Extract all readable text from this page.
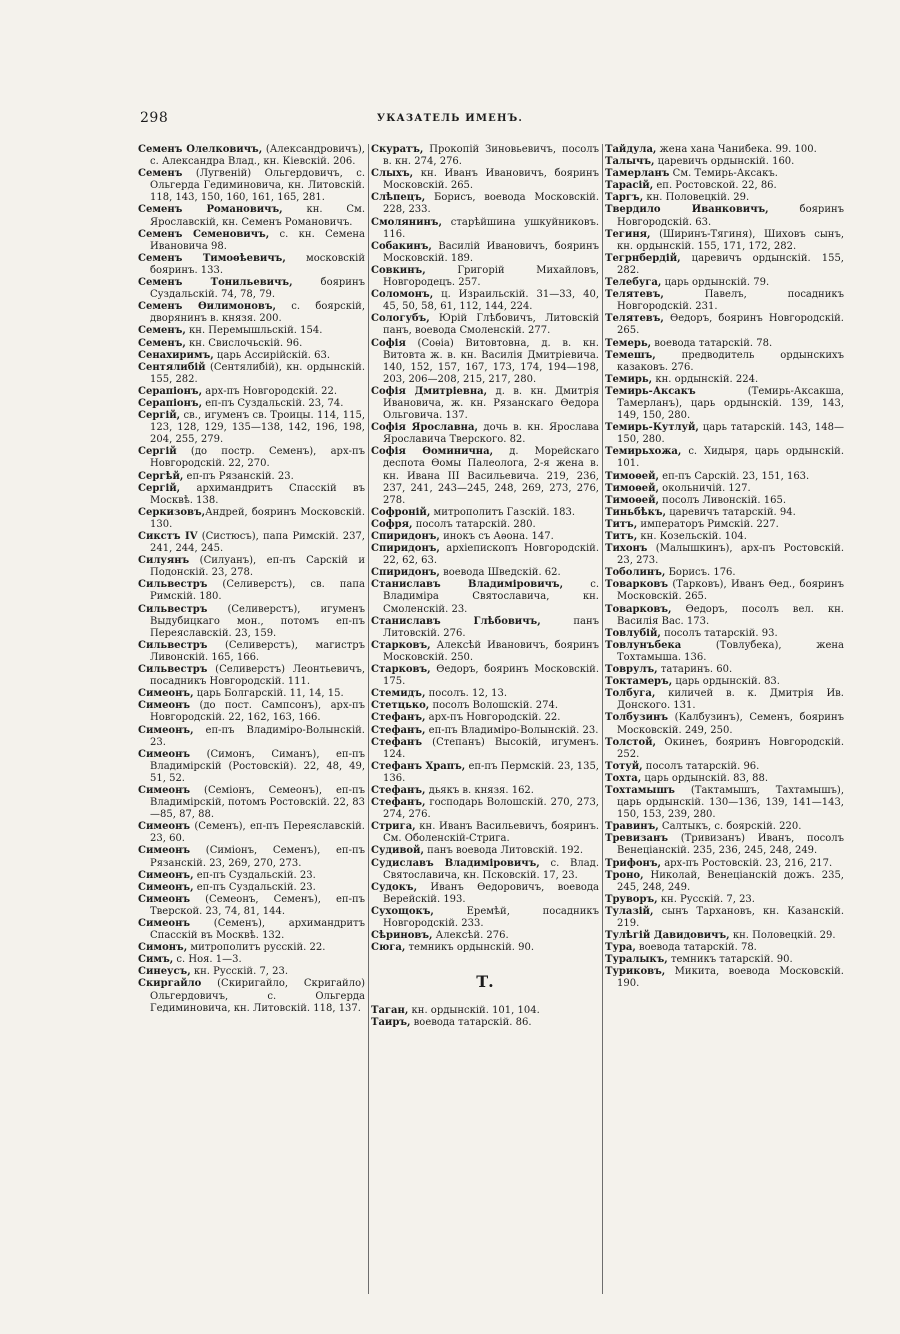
298	УКАЗАТЕЛЬ ИМЕНЪ.

Семенъ Олелковичъ, (Александровичъ), с. Александра Влад., кн. Кіевскій. 206.

Семенъ (Лугвеній) Ольгердовичъ, с. Ольгерда Гедиминовича, кн. Литовскій. 118, 143, 150, 160, 161, 165, 281.

Семенъ Романовичъ, кн. См. Ярославскій, кн. Семенъ Романовичъ.

Семенъ Семеновичъ, с. кн. Семена Ивановича 98.

Семенъ Тимоѳѣевичъ, московскій бояринъ. 133.

Семенъ Тонильевичъ, бояринъ Суздальскій. 74, 78, 79.

Семенъ Ѳилимоновъ, с. боярскій, дворянинъ в. князя. 200.

Семенъ, кн. Перемышльскій. 154.

Семенъ, кн. Свислочьскій. 96.

Сенахиримъ, царь Ассирійскій. 63.

Сентялибій (Сентялибій), кн. ордынскій. 155, 282.

Серапіонъ, арх-пъ Новгородскій. 22.

Серапіонъ, еп-пъ Суздальскій. 23, 74.

Сергій, св., игуменъ св. Троицы. 114, 115, 123, 128, 129, 135—138, 142, 196, 198, 204, 255, 279.

Сергій (до постр. Семенъ), арх-пъ Новгородскій. 22, 270.

Сергѣй, еп-пъ Рязанскій. 23.

Сергій, архимандритъ Спасскій въ Москвѣ. 138.

Серкизовъ,Андрей, бояринъ Московскій. 130.

Сикстъ IV (Систюсъ), папа Римскій. 237, 241, 244, 245.

Силуянъ (Силуанъ), еп-пъ Сарскій и Подонскій. 23, 278.

Сильвестръ (Селиверстъ), св. папа Римскій. 180.

Сильвестръ (Селиверстъ), игуменъ Выдубицкаго мон., потомъ еп-пъ Переяславскій. 23, 159.

Сильвестръ (Селиверстъ), магистръ Ливонскій. 165, 166.

Сильвестръ (Селиверстъ) Леонтьевичъ, посадникъ Новгородскій. 111.

Симеонъ, царь Болгарскій. 11, 14, 15.

Симеонъ (до пост. Сампсонъ), арх-пъ Новгородскій. 22, 162, 163, 166.

Симеонъ, еп-пъ Владиміро-Волынскій. 23.

Симеонъ (Симонъ, Симанъ), еп-пъ Владимірскій (Ростовскій). 22, 48, 49, 51, 52.

Симеонъ (Семіонъ, Семеонъ), еп-пъ Владимірскій, потомъ Ростовскій. 22, 83—85, 87, 88.

Симеонъ (Семенъ), еп-пъ Переяславскій. 23, 60.

Симеонъ (Симіонъ, Семенъ), еп-пъ Рязанскій. 23, 269, 270, 273.

Симеонъ, еп-пъ Суздальскій. 23.

Симеонъ, еп-пъ Суздальскій. 23.

Симеонъ (Семеонъ, Семенъ), еп-пъ Тверской. 23, 74, 81, 144.

Симеонъ (Семенъ), архимандритъ Спасскій въ Москвѣ. 132.

Симонъ, митрополитъ русскій. 22.

Симъ, с. Ноя. 1—3.

Синеусъ, кн. Русскій. 7, 23.

Скиргайло (Скиригайло, Скригайло) Ольгердовичъ, с. Ольгерда Гедиминовича, кн. Литовскій. 118, 137.

Скуратъ, Прокопій Зиновьевичъ, посолъ в. кн. 274, 276.

Слыхъ, кн. Иванъ Ивановичъ, бояринъ Московскій. 265.

Слѣпецъ, Борисъ, воевода Московскій. 228, 233.

Смолянинъ, старѣйшина ушкуйниковъ. 116.

Собакинъ, Василій Ивановичъ, бояринъ Московскій. 189.

Совкинъ, Григорій Михайловъ, Новгородецъ. 257.

Соломонъ, ц. Израильскій. 31—33, 40, 45, 50, 58, 61, 112, 144, 224.

Сологубъ, Юрій Глѣбовичъ, Литовскій панъ, воевода Смоленскій. 277.

Софія (Соѳіа) Витовтовна, д. в. кн. Витовта ж. в. кн. Василія Дмитріевича. 140, 152, 157, 167, 173, 174, 194—198, 203, 206—208, 215, 217, 280.

Софія Дмитріевна, д. в. кн. Дмитрія Ивановича, ж. кн. Рязанскаго Ѳедора Ольговича. 137.

Софія Ярославна, дочь в. кн. Ярослава Ярославича Тверского. 82.

Софія Ѳоминична, д. Морейскаго деспота Ѳомы Палеолога, 2-я жена в. кн. Ивана III Васильевича. 219, 236, 237, 241, 243—245, 248, 269, 273, 276, 278.

Софроній, митрополитъ Газскій. 183.

Софря, посолъ татарскій. 280.

Спиридонъ, инокъ съ Аѳона. 147.

Спиридонъ, архіепископъ Новгородскій. 22, 62, 63.

Спиридонъ, воевода Шведскій. 62.

Станиславъ Владиміровичъ, с. Владиміра Святославича, кн. Смоленскій. 23.

Станиславъ Глѣбовичъ, панъ Литовскій. 276.

Старковъ, Алексѣй Ивановичъ, бояринъ Московскій. 250.

Старковъ, Ѳедоръ, бояринъ Московскій. 175.

Стемидъ, посолъ. 12, 13.

Стетцько, посолъ Волошскій. 274.

Стефанъ, арх-пъ Новгородскій. 22.

Стефанъ, еп-пъ Владиміро-Волынскій. 23.

Стефанъ (Степанъ) Высокій, игуменъ. 124.

Стефанъ Храпъ, еп-пъ Пермскій. 23, 135, 136.

Стефанъ, дьякъ в. князя. 162.

Стефанъ, господарь Волошскій. 270, 273, 274, 276.

Стрига, кн. Иванъ Васильевичъ, бояринъ. См. Оболенскій-Стрига.

Судивой, панъ воевода Литовскій. 192.

Судиславъ Владиміровичъ, с. Влад. Святославича, кн. Псковскій. 17, 23.

Судокъ, Иванъ Ѳедоровичъ, воевода Верейскій. 193.

Сухощокъ, Еремѣй, посадникъ Новгородскій. 233.

Сѣриновъ, Алексѣй. 276.

Сюга, темникъ ордынскій. 90.

Т.

Таган, кн. ордынскій. 101, 104.

Таиръ, воевода татарскій. 86.

Тайдула, жена хана Чанибека. 99. 100.

Талычъ, царевичъ ордынскій. 160.

Тамерланъ См. Темирь-Аксакъ.

Тарасій, еп. Ростовской. 22, 86.

Таргъ, кн. Половецкій. 29.

Твердило Иванковичъ, бояринъ Новгородскій. 63.

Тегиня, (Ширинъ-Тягиня), Шиховъ сынъ, кн. ордынскій. 155, 171, 172, 282.

Тегрнбердій, царевичъ ордынскій. 155, 282.

Телебуга, царь ордынскій. 79.

Телятевъ, Павелъ, посадникъ Новгородскій. 231.

Телятевъ, Ѳедоръ, бояринъ Новгородскій. 265.

Темерь, воевода татарскій. 78.

Темешъ, предводитель ордынскихъ казаковъ. 276.

Темирь, кн. ордынскій. 224.

Темирь-Аксакъ (Темирь-Аксакша, Тамерланъ), царь ордынскій. 139, 143, 149, 150, 280.

Темирь-Кутлуй, царь татарскій. 143, 148—150, 280.

Темирьхожа, с. Хидыря, царь ордынскій. 101.

Тимоѳей, еп-пъ Сарскій. 23, 151, 163.

Тимоѳей, окольничій. 127.

Тимоѳей, посолъ Ливонскій. 165.

Тиньбѣкъ, царевичъ татарскій. 94.

Титъ, императоръ Римскій. 227.

Титъ, кн. Козельскій. 104.

Тихонъ (Малышкинъ), арх-пъ Ростовскій. 23, 273.

Тоболинъ, Борисъ. 176.

Товарковъ (Тарковъ), Иванъ Ѳед., бояринъ Московскій. 265.

Товарковъ, Ѳедоръ, посолъ вел. кн. Василія Вас. 173.

Товлубій, посолъ татарскій. 93.

Товлунъбека (Товлубека), жена Тохтамыша. 136.

Товрулъ, татаринъ. 60.

Токтамеръ, царь ордынскій. 83.

Толбуга, киличей в. к. Дмитрія Ив. Донского. 131.

Толбузинъ (Калбузинъ), Семенъ, бояринъ Московскій. 249, 250.

Толстой, Окинеъ, бояринъ Новгородскій. 252.

Тотуй, посолъ татарскій. 96.

Тохта, царь ордынскій. 83, 88.

Тохтамышъ (Тактамышъ, Тахтамышъ), царь ордынскій. 130—136, 139, 141—143, 150, 153, 239, 280.

Травинъ, Салтыкъ, с. боярскій. 220.

Тревизанъ (Тривизанъ) Иванъ, посолъ Венеціанскій. 235, 236, 245, 248, 249.

Трифонъ, арх-пъ Ростовскій. 23, 216, 217.

Троно, Николай, Венеціанскій дожъ. 235, 245, 248, 249.

Труворъ, кн. Русскій. 7, 23.

Тулазій, сынъ Тархановъ, кн. Казанскій. 219.

Тулѣгій Давидовичъ, кн. Половецкій. 29.

Тура, воевода татарскій. 78.

Туралыкъ, темникъ татарскій. 90.

Туриковъ, Микита, воевода Московскій. 190.
